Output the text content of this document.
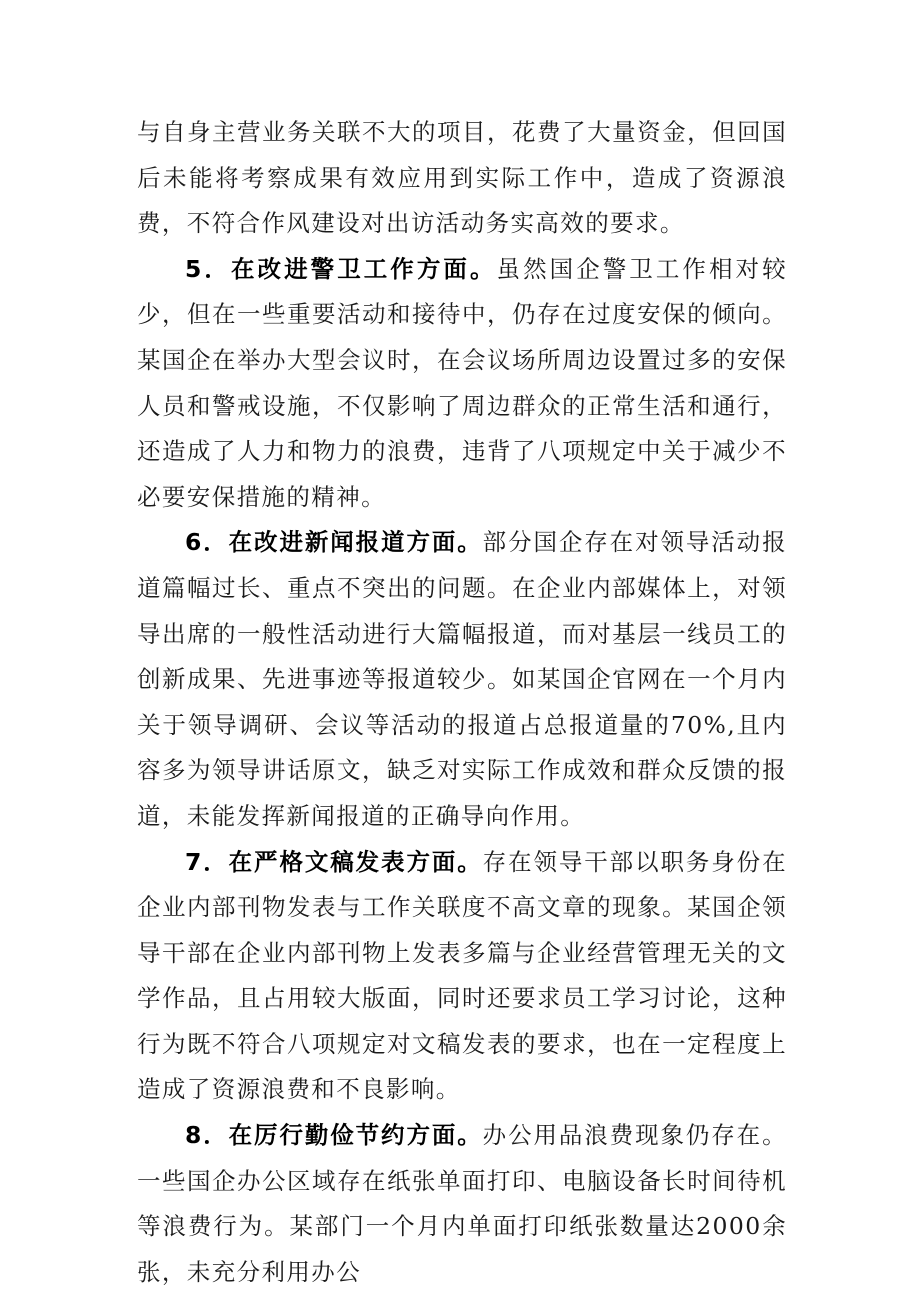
与自身主营业务关联不大的项目，花费了大量资金，但回国后未能将考察成果有效应用到实际工作中，造成了资源浪费，不符合作风建设对出访活动务实高效的要求。

5．在改进警卫工作方面。虽然国企警卫工作相对较少，但在一些重要活动和接待中，仍存在过度安保的倾向。某国企在举办大型会议时，在会议场所周边设置过多的安保人员和警戒设施，不仅影响了周边群众的正常生活和通行，还造成了人力和物力的浪费，违背了八项规定中关于减少不必要安保措施的精神。

6．在改进新闻报道方面。部分国企存在对领导活动报道篇幅过长、重点不突出的问题。在企业内部媒体上，对领导出席的一般性活动进行大篇幅报道，而对基层一线员工的创新成果、先进事迹等报道较少。如某国企官网在一个月内关于领导调研、会议等活动的报道占总报道量的70%,且内容多为领导讲话原文，缺乏对实际工作成效和群众反馈的报道，未能发挥新闻报道的正确导向作用。

7．在严格文稿发表方面。存在领导干部以职务身份在企业内部刊物发表与工作关联度不高文章的现象。某国企领导干部在企业内部刊物上发表多篇与企业经营管理无关的文学作品，且占用较大版面，同时还要求员工学习讨论，这种行为既不符合八项规定对文稿发表的要求，也在一定程度上造成了资源浪费和不良影响。

8．在厉行勤俭节约方面。办公用品浪费现象仍存在。一些国企办公区域存在纸张单面打印、电脑设备长时间待机等浪费行为。某部门一个月内单面打印纸张数量达2000余张，未充分利用办公
